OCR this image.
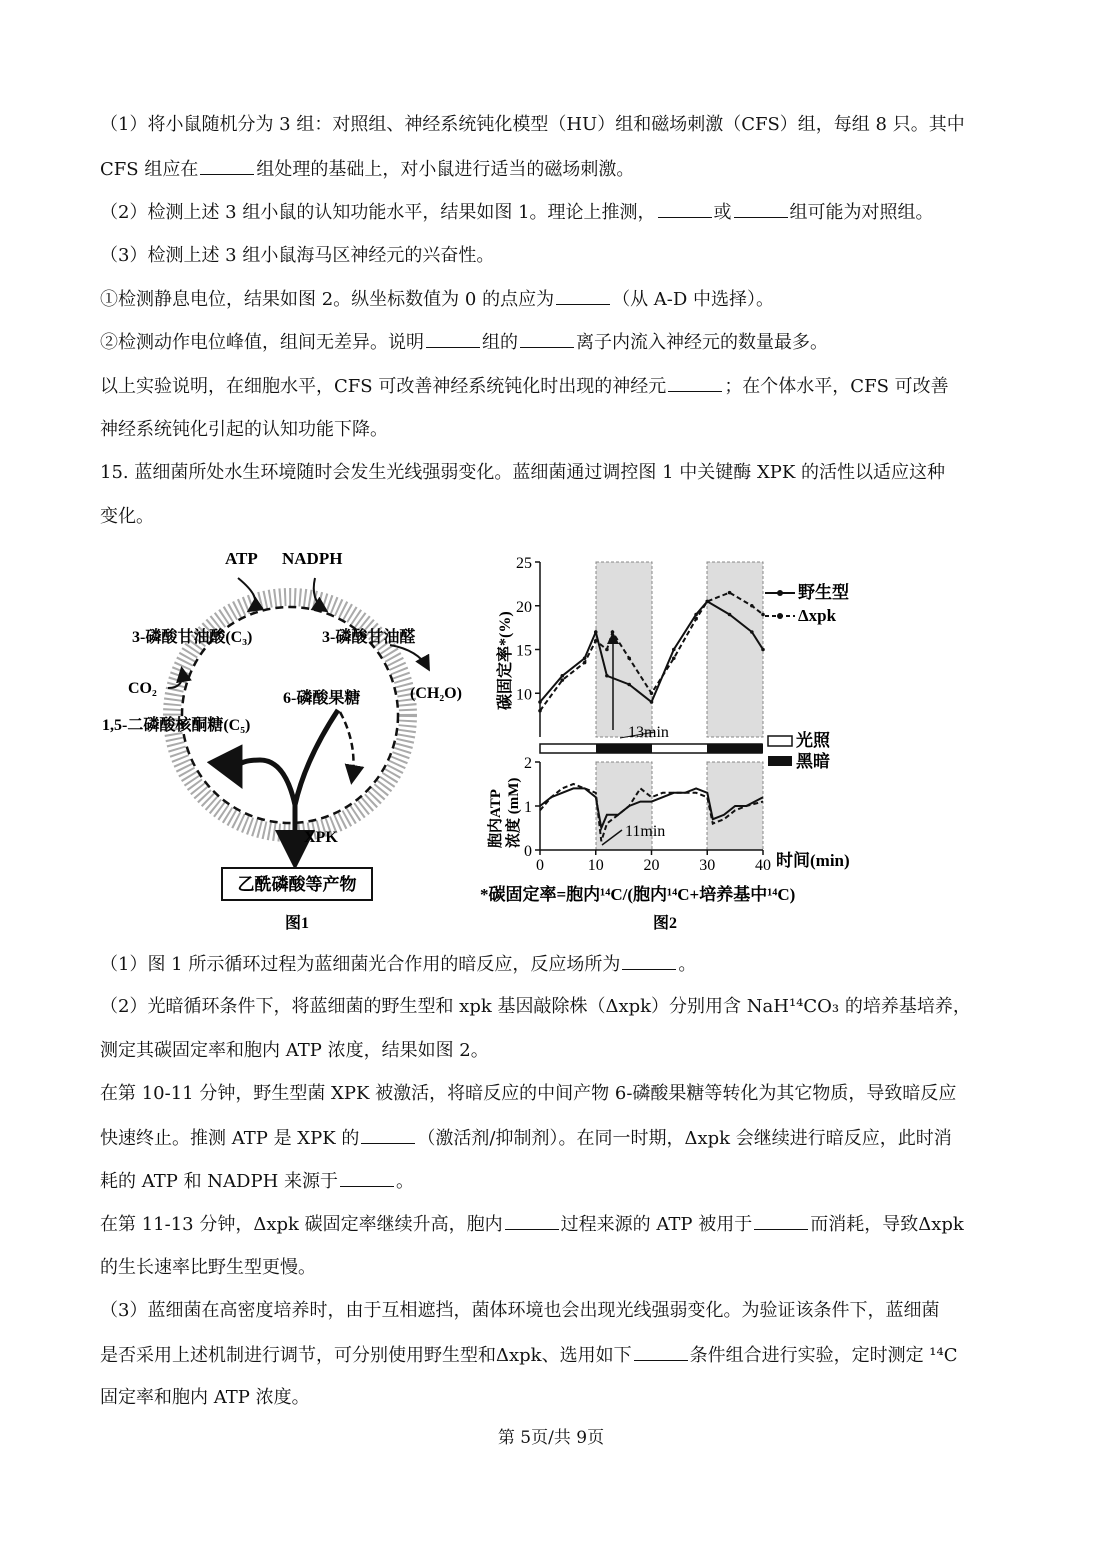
（1）将小鼠随机分为 3 组：对照组、神经系统钝化模型（HU）组和磁场刺激（CFS）组，每组 8 只。其中
CFS 组应在	组处理的基础上，对小鼠进行适当的磁场刺激。
（2）检测上述 3 组小鼠的认知功能水平，结果如图 1。理论上推测，	或	组可能为对照组。
（3）检测上述 3 组小鼠海马区神经元的兴奋性。
①检测静息电位，结果如图 2。纵坐标数值为 0 的点应为	（从 A-D 中选择）。
②检测动作电位峰值，组间无差异。说明	组的	离子内流入神经元的数量最多。
以上实验说明，在细胞水平，CFS 可改善神经系统钝化时出现的神经元	；在个体水平，CFS 可改善
神经系统钝化引起的认知功能下降。
15. 蓝细菌所处水生环境随时会发生光线强弱变化。蓝细菌通过调控图 1 中关键酶 XPK 的活性以适应这种
变化。
ATP NADPH
3-磷酸甘油酸(C₃)	3-磷酸甘油醛
CO₂	(CH₂O)
6-磷酸果糖
1,5-二磷酸核酮糖(C₅)
XPK
乙酰磷酸等产物
图1
10
15
20
25
0
1
2
0	10 20 30 40
13min
11min
碳固定率*(%)
胞内ATP 浓度 (mM)
野生型
Δxpk
光照
黑暗
时间(min)
*碳固定率=胞内¹⁴C/(胞内¹⁴C+培养基中¹⁴C)
图2
（1）图 1 所示循环过程为蓝细菌光合作用的暗反应，反应场所为	。
（2）光暗循环条件下，将蓝细菌的野生型和 xpk 基因敲除株（Δxpk）分别用含 NaH¹⁴CO₃ 的培养基培养，
测定其碳固定率和胞内 ATP 浓度，结果如图 2。
在第 10-11 分钟，野生型菌 XPK 被激活，将暗反应的中间产物 6-磷酸果糖等转化为其它物质，导致暗反应
快速终止。推测 ATP 是 XPK 的	（激活剂/抑制剂）。在同一时期，Δxpk 会继续进行暗反应，此时消
耗的 ATP 和 NADPH 来源于	。
在第 11-13 分钟，Δxpk 碳固定率继续升高，胞内	过程来源的 ATP 被用于	而消耗，导致Δxpk
的生长速率比野生型更慢。
（3）蓝细菌在高密度培养时，由于互相遮挡，菌体环境也会出现光线强弱变化。为验证该条件下，蓝细菌
是否采用上述机制进行调节，可分别使用野生型和Δxpk、选用如下	条件组合进行实验，定时测定 ¹⁴C
固定率和胞内 ATP 浓度。
第 5页/共 9页
